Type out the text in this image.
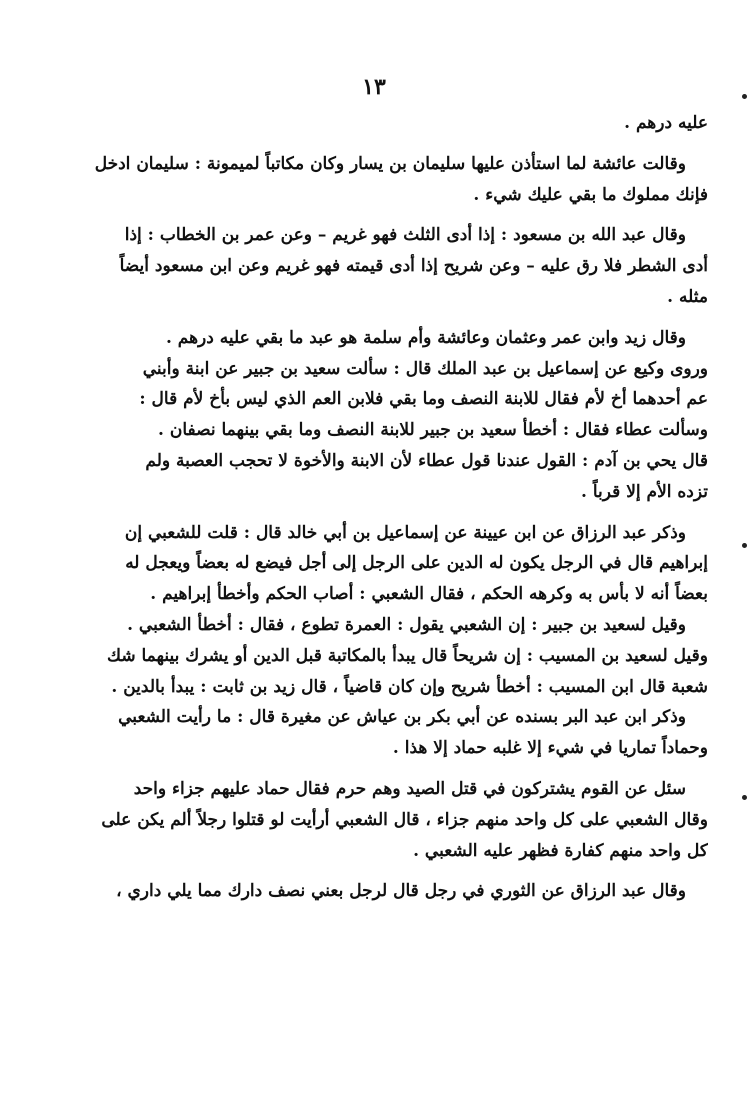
١٣
عليه درهم .
وقالت عائشة لما استأذن عليها سليمان بن يسار وكان مكاتباً لميمونة : سليمان ادخل
فإنك مملوك ما بقي عليك شيء .
وقال عبد الله بن مسعود : إذا أدى الثلث فهو غريم – وعن عمر بن الخطاب : إذا
أدى الشطر فلا رق عليه – وعن شريح إذا أدى قيمته فهو غريم وعن ابن مسعود أيضاً
مثله .
وقال زيد وابن عمر وعثمان وعائشة وأم سلمة هو عبد ما بقي عليه درهم .
وروى وكيع عن إسماعيل بن عبد الملك قال : سألت سعيد بن جبير عن ابنة وأبني
عم أحدهما أخ لأم فقال للابنة النصف وما بقي فلابن العم الذي ليس بأخ لأم قال :
وسألت عطاء فقال : أخطأ سعيد بن جبير للابنة النصف وما بقي بينهما نصفان .
قال يحي بن آدم : القول عندنا قول عطاء لأن الابنة والأخوة لا تحجب العصبة ولم
تزده الأم إلا قرباً .
وذكر عبد الرزاق عن ابن عيينة عن إسماعيل بن أبي خالد قال : قلت للشعبي إن
إبراهيم قال في الرجل يكون له الدين على الرجل إلى أجل فيضع له بعضاً ويعجل له
بعضاً أنه لا بأس به وكرهه الحكم ، فقال الشعبي : أصاب الحكم وأخطأ إبراهيم .
وقيل لسعيد بن جبير : إن الشعبي يقول : العمرة تطوع ، فقال : أخطأ الشعبي .
وقيل لسعيد بن المسيب : إن شريحاً قال يبدأ بالمكاتبة قبل الدين أو يشرك بينهما شك
شعبة قال ابن المسيب : أخطأ شريح وإن كان قاضياً ، قال زيد بن ثابت : يبدأ بالدين .
وذكر ابن عبد البر بسنده عن أبي بكر بن عياش عن مغيرة قال : ما رأيت الشعبي
وحماداً تماريا في شيء إلا غلبه حماد إلا هذا .
سئل عن القوم يشتركون في قتل الصيد وهم حرم فقال حماد عليهم جزاء واحد
وقال الشعبي على كل واحد منهم جزاء ، قال الشعبي أرأيت لو قتلوا رجلاً ألم يكن على
كل واحد منهم كفارة فظهر عليه الشعبي .
وقال عبد الرزاق عن الثوري في رجل قال لرجل بعني نصف دارك مما يلي داري ،
